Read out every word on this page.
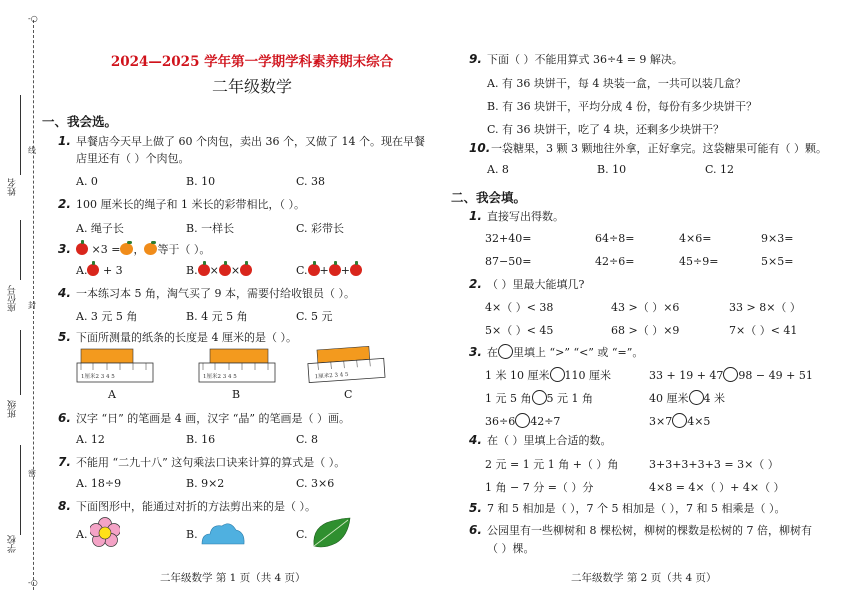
-○
姓名
线
座位号 封
班级
密
学校
-○
2024—2025 学年第一学期学科素养期末综合
二年级数学
一、我会选。
1. 早餐店今天早上做了 60 个肉包，卖出 36 个，又做了 14 个。现在早餐
店里还有（ ）个肉包。
A. 0	B. 10	C. 38
2. 100 厘米长的绳子和 1 米长的彩带相比，（ ）。
A. 绳子长	B. 一样长	C. 彩带长
3. ×3 = ， 等于（ ）。
A. + 3	B. × ×	C. + +
4. 一本练习本 5 角，淘气买了 9 本，需要付给收银员（ ）。
A. 3 元 5 角	B. 4 元 5 角	C. 5 元
5. 下面所测量的纸条的长度是 4 厘米的是（ ）。
1厘米2 3 4 5	1厘米2 3 4 5	1厘米2 3 4 5
A	B	C
6. 汉字 “日” 的笔画是 4 画，汉字 “晶” 的笔画是（ ）画。
A. 12	B. 16	C. 8
7. 不能用 “二九十八” 这句乘法口诀来计算的算式是（ ）。
A. 18÷9	B. 9×2	C. 3×6
8. 下面图形中，能通过对折的方法剪出来的是（ ）。
A.	B.	C.
二年级数学 第 1 页（共 4 页）
9. 下面（ ）不能用算式 36÷4 = 9 解决。
A. 有 36 块饼干，每 4 块装一盒，一共可以装几盒？
B. 有 36 块饼干，平均分成 4 份，每份有多少块饼干？
C. 有 36 块饼干，吃了 4 块，还剩多少块饼干？
10.一袋糖果，3 颗 3 颗地往外拿，正好拿完。这袋糖果可能有（ ）颗。
A. 8	B. 10	C. 12
二、我会填。
1. 直接写出得数。
32+40=	64÷8=	4×6=	9×3=
87−50=	42÷6=	45÷9=	5×5=
2. （ ）里最大能填几?
4×（ ）< 38	43 >（ ）×6	33 > 8×（ ）
5×（ ）< 45	68 >（ ）×9	7×（ ）< 41
3. 在 里填上 “>” “<” 或 “=”。
1 米 10 厘米 110 厘米	33 + 19 + 47 98 − 49 + 51
1 元 5 角 5 元 1 角	40 厘米 4 米
36÷6 42÷7	3×7 4×5
4. 在（ ）里填上合适的数。
2 元 = 1 元 1 角 +（ ）角	3+3+3+3+3 = 3×（ ）
1 角 − 7 分 =（ ）分	4×8 = 4×（ ）+ 4×（ ）
5. 7 和 5 相加是（ ），7 个 5 相加是（ ），7 和 5 相乘是（ ）。
6. 公园里有一些柳树和 8 棵松树，柳树的棵数是松树的 7 倍，柳树有
（ ）棵。
二年级数学 第 2 页（共 4 页）
